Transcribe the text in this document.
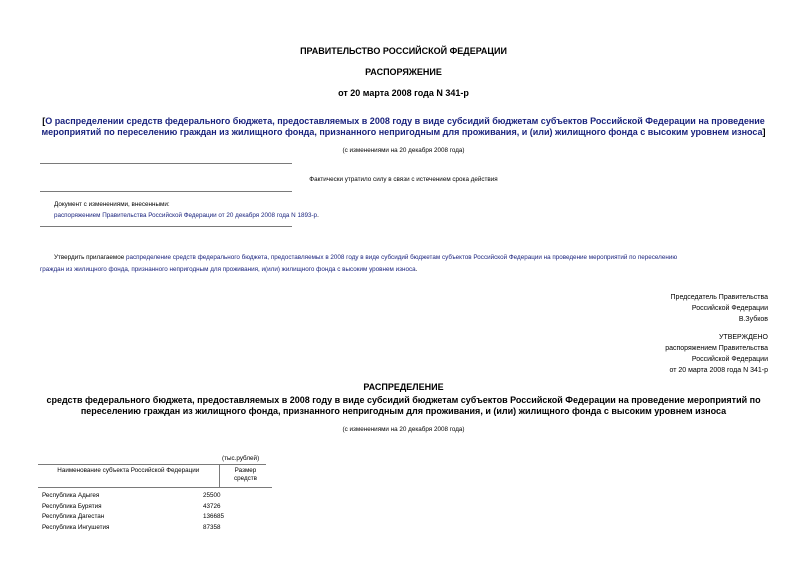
ПРАВИТЕЛЬСТВО РОССИЙСКОЙ ФЕДЕРАЦИИ
РАСПОРЯЖЕНИЕ
от 20 марта 2008 года N 341-р
[О распределении средств федерального бюджета, предоставляемых в 2008 году в виде субсидий бюджетам субъектов Российской Федерации на проведение
мероприятий по переселению граждан из жилищного фонда, признанного непригодным для проживания, и (или) жилищного фонда с высоким уровнем износа]
(с изменениями на 20 декабря 2008 года)
Фактически утратило силу в связи с истечением срока действия
Документ с изменениями, внесенными:
распоряжением Правительства Российской Федерации от 20 декабря 2008 года N 1893-р.
Утвердить прилагаемое распределение средств федерального бюджета, предоставляемых в 2008 году в виде субсидий бюджетам субъектов Российской Федерации на проведение мероприятий по переселению
граждан из жилищного фонда, признанного непригодным для проживания, и(или) жилищного фонда с высоким уровнем износа.
Председатель Правительства
Российской Федерации
В.Зубков
УТВЕРЖДЕНО
распоряжением Правительства
Российской Федерации
от 20 марта 2008 года N 341-р
РАСПРЕДЕЛЕНИЕ
средств федерального бюджета, предоставляемых в 2008 году в виде субсидий бюджетам субъектов Российской Федерации на проведение мероприятий по
переселению граждан из жилищного фонда, признанного непригодным для проживания, и (или) жилищного фонда с высоким уровнем износа
(с изменениями на 20 декабря 2008 года)
(тыс.рублей)
Наименование субъекта Российской Федерации	Размер
средств

Республика Адыгея	25500
Республика Бурятия	43726
Республика Дагестан	136685
Республика Ингушетия	87358
